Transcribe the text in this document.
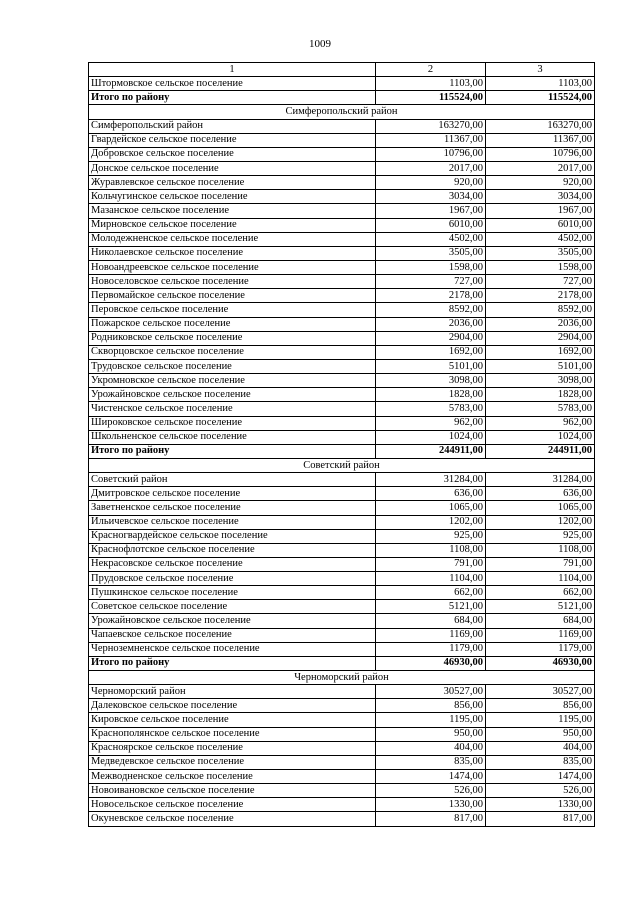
1009
1	2	3
Штормовское сельское поселение	1103,00	1103,00
Итого по району	115524,00	115524,00
Симферопольский район		
Симферопольский район	163270,00	163270,00
Гвардейское сельское поселение	11367,00	11367,00
Добровское сельское поселение	10796,00	10796,00
Донское сельское поселение	2017,00	2017,00
Журавлевское сельское поселение	920,00	920,00
Кольчугинское сельское поселение	3034,00	3034,00
Мазанское сельское поселение	1967,00	1967,00
Мирновское сельское поселение	6010,00	6010,00
Молодежненское сельское поселение	4502,00	4502,00
Николаевское сельское поселение	3505,00	3505,00
Новоандреевское сельское поселение	1598,00	1598,00
Новоселовское сельское поселение	727,00	727,00
Первомайское сельское поселение	2178,00	2178,00
Перовское сельское поселение	8592,00	8592,00
Пожарское сельское поселение	2036,00	2036,00
Родниковское сельское поселение	2904,00	2904,00
Скворцовское сельское поселение	1692,00	1692,00
Трудовское сельское поселение	5101,00	5101,00
Укромновское сельское поселение	3098,00	3098,00
Урожайновское сельское поселение	1828,00	1828,00
Чистенское сельское поселение	5783,00	5783,00
Широковское сельское поселение	962,00	962,00
Школьненское сельское поселение	1024,00	1024,00
Итого по району	244911,00	244911,00
Советский район		
Советский район	31284,00	31284,00
Дмитровское сельское поселение	636,00	636,00
Заветненское сельское поселение	1065,00	1065,00
Ильичевское сельское поселение	1202,00	1202,00
Красногвардейское сельское поселение	925,00	925,00
Краснофлотское сельское поселение	1108,00	1108,00
Некрасовское сельское поселение	791,00	791,00
Прудовское сельское поселение	1104,00	1104,00
Пушкинское сельское поселение	662,00	662,00
Советское сельское поселение	5121,00	5121,00
Урожайновское сельское поселение	684,00	684,00
Чапаевское сельское поселение	1169,00	1169,00
Черноземненское сельское поселение	1179,00	1179,00
Итого по району	46930,00	46930,00
Черноморский район		
Черноморский район	30527,00	30527,00
Далековское сельское поселение	856,00	856,00
Кировское сельское поселение	1195,00	1195,00
Краснополянское сельское поселение	950,00	950,00
Красноярское сельское поселение	404,00	404,00
Медведевское сельское поселение	835,00	835,00
Межводненское сельское поселение	1474,00	1474,00
Новоивановское сельское поселение	526,00	526,00
Новосельское сельское поселение	1330,00	1330,00
Окуневское сельское поселение	817,00	817,00
